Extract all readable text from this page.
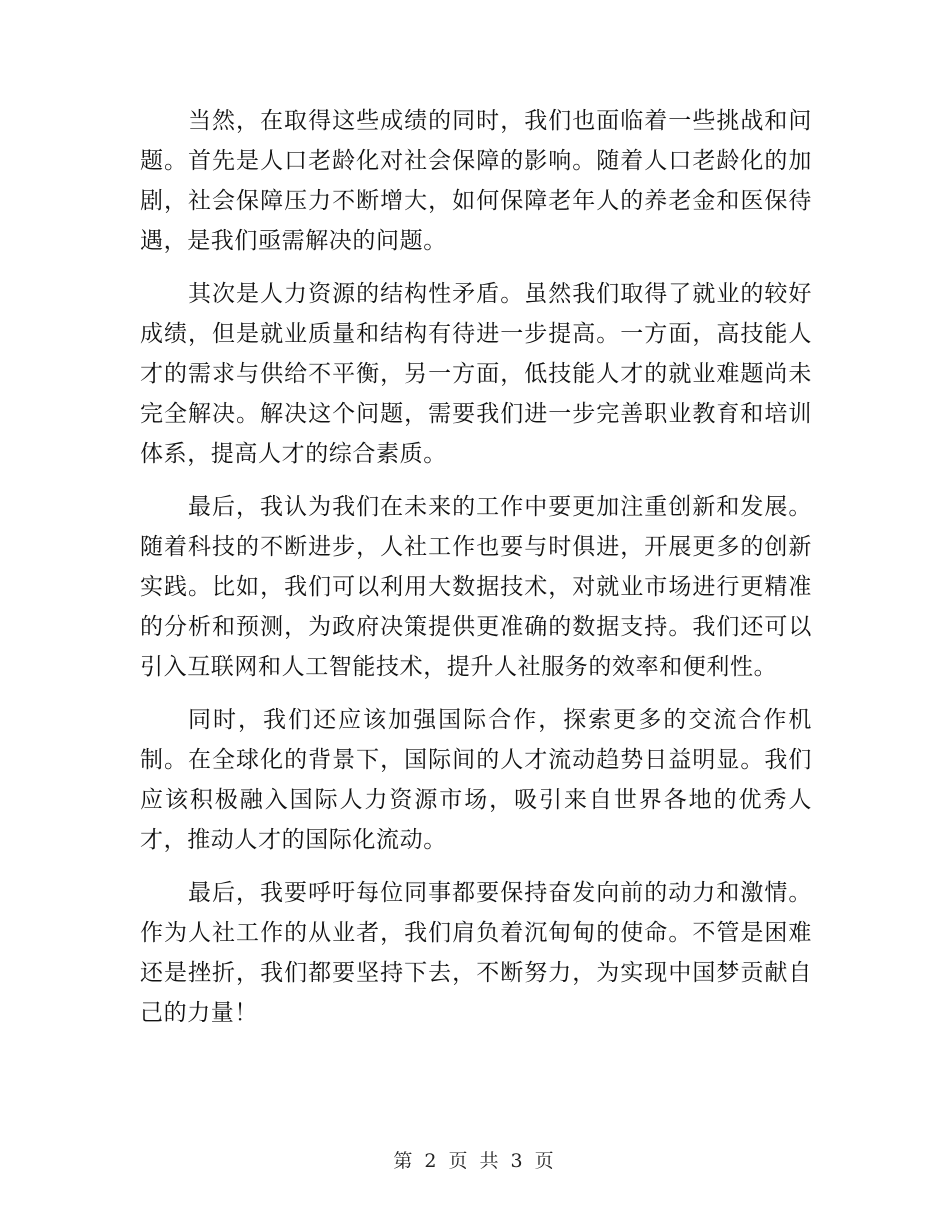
当然，在取得这些成绩的同时，我们也面临着一些挑战和问题。首先是人口老龄化对社会保障的影响。随着人口老龄化的加剧，社会保障压力不断增大，如何保障老年人的养老金和医保待遇，是我们亟需解决的问题。

其次是人力资源的结构性矛盾。虽然我们取得了就业的较好成绩，但是就业质量和结构有待进一步提高。一方面，高技能人才的需求与供给不平衡，另一方面，低技能人才的就业难题尚未完全解决。解决这个问题，需要我们进一步完善职业教育和培训体系，提高人才的综合素质。

最后，我认为我们在未来的工作中要更加注重创新和发展。随着科技的不断进步，人社工作也要与时俱进，开展更多的创新实践。比如，我们可以利用大数据技术，对就业市场进行更精准的分析和预测，为政府决策提供更准确的数据支持。我们还可以引入互联网和人工智能技术，提升人社服务的效率和便利性。

同时，我们还应该加强国际合作，探索更多的交流合作机制。在全球化的背景下，国际间的人才流动趋势日益明显。我们应该积极融入国际人力资源市场，吸引来自世界各地的优秀人才，推动人才的国际化流动。

最后，我要呼吁每位同事都要保持奋发向前的动力和激情。作为人社工作的从业者，我们肩负着沉甸甸的使命。不管是困难还是挫折，我们都要坚持下去，不断努力，为实现中国梦贡献自己的力量！

第 2 页 共 3 页
